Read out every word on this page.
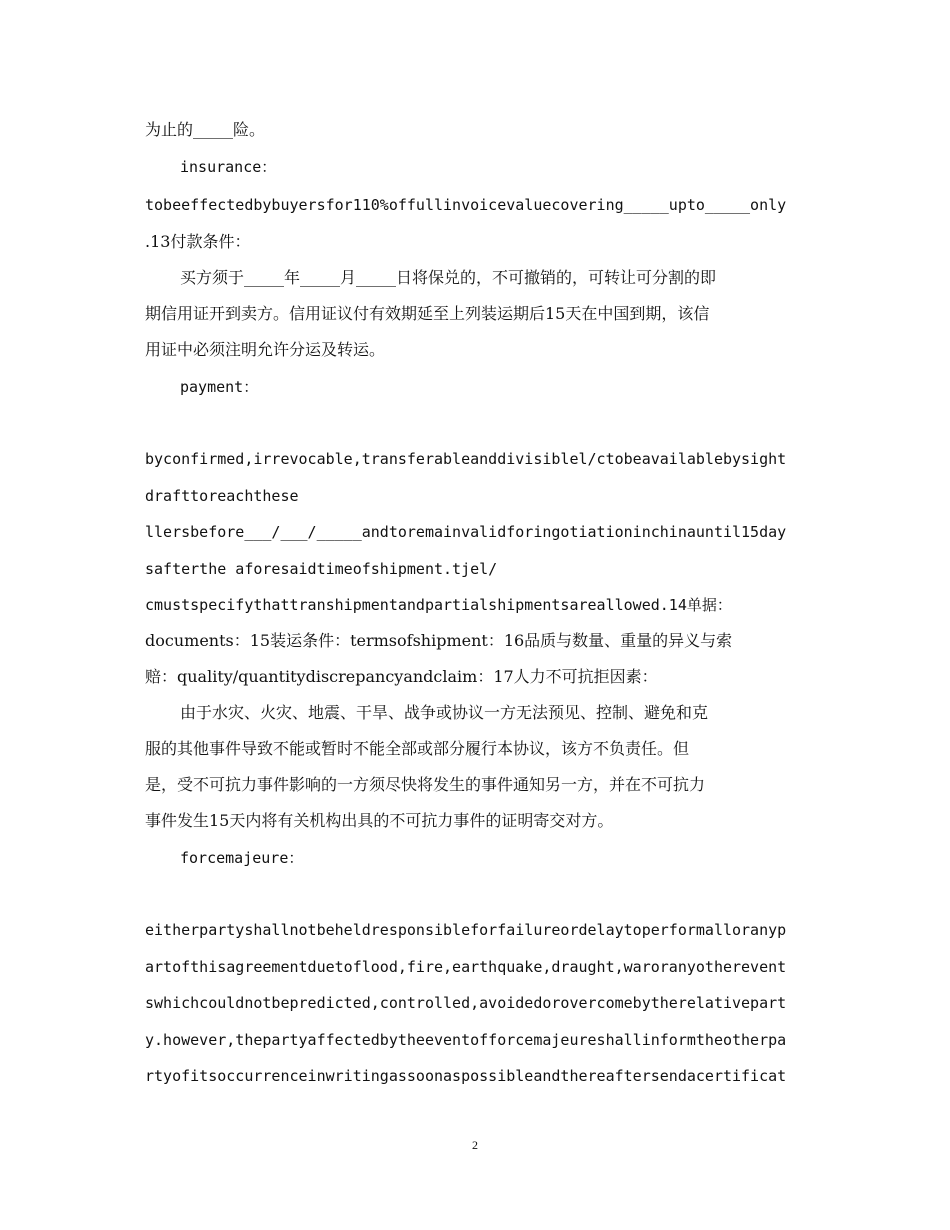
为止的_____险。
insurance：
tobeeffectedbybuyersfor110%offullinvoicevaluecovering_____upto_____only
.13付款条件：
买方须于_____年_____月_____日将保兑的，不可撤销的，可转让可分割的即
期信用证开到卖方。信用证议付有效期延至上列装运期后15天在中国到期，该信
用证中必须注明允许分运及转运。
payment：
byconfirmed,irrevocable,transferableanddivisiblel/ctobeavailablebysight
drafttoreachthese
llersbefore___/___/_____andtoremainvalidforingotiationinchinauntil15day
safterthe aforesaidtimeofshipment.tjel/
cmustspecifythattranshipmentandpartialshipmentsareallowed.14单据：
documents：15装运条件：termsofshipment：16品质与数量、重量的异义与索
赔：quality/quantitydiscrepancyandclaim：17人力不可抗拒因素：
由于水灾、火灾、地震、干旱、战争或协议一方无法预见、控制、避免和克
服的其他事件导致不能或暂时不能全部或部分履行本协议，该方不负责任。但
是，受不可抗力事件影响的一方须尽快将发生的事件通知另一方，并在不可抗力
事件发生15天内将有关机构出具的不可抗力事件的证明寄交对方。
forcemajeure：
eitherpartyshallnotbeheldresponsibleforfailureordelaytoperformalloranyp
artofthisagreementduetoflood,fire,earthquake,draught,waroranyotherevent
swhichcouldnotbepredicted,controlled,avoidedorovercomebytherelativepart
y.however,thepartyaffectedbytheeventofforcemajeureshallinformtheotherpa
rtyofitsoccurrenceinwritingassoonaspossibleandthereaftersendacertificat
2
